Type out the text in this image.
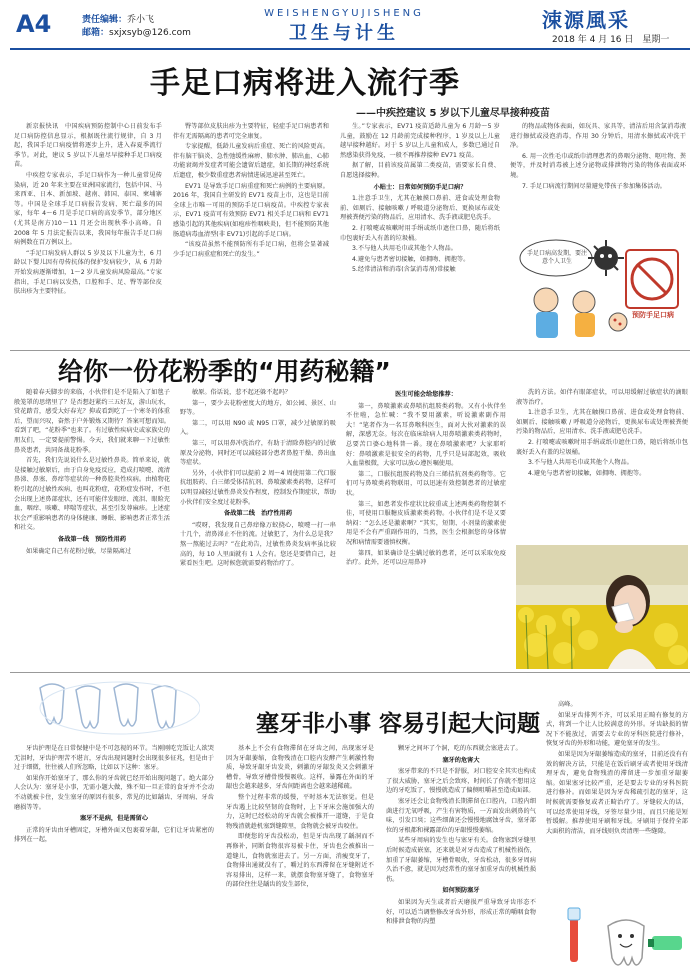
A4	责任编辑：乔小飞
邮箱：sxjxsyb@126.com
WEISHENGYUJISHENG
卫生与计生
涑源風采
2018 年 4 月 16 日　星期一
手足口病将进入流行季
——中疾控建议 5 岁以下儿童尽早接种疫苗

新京报快讯　中国疾病预防控制中心日前发布手足口病防控信息显示，根据既往流行规律，自 3 月起，我国手足口病疫情将逐步上升，进入春夏季流行季节。对此，建议 5 岁以下儿童尽早接种手足口病疫苗。

中疾控专家表示，手足口病作为一种儿童常见传染病，近 20 年来主要在亚洲国家流行，包括中国、马来西亚、日本、新加坡、越南、韩国、泰国、柬埔寨等。中国是全球手足口病报告发病、死亡最多的国家，每年 4～6 月是手足口病的高发季节，部分地区(尤其是南方)10～11 月还会出现秋季小高峰。自 2008 年 5 月法定报告以来，我国每年报告手足口病病例数在百万例以上。

“手足口病发病人群以 5 岁及以下儿童为主，6 月龄以下婴儿因有母传抗体的保护发病较少，从 6 月龄开始发病逐渐增加，1～2 岁儿童发病风险最高。”专家指出，手足口病以发热，口腔和手、足、臀等部位皮肤出疹为主要特征。

臀等部位皮肤出疹为主要特征，轻症手足口病患者和伴有无需隔离的患者可完全康复。

专家提醒，低龄儿童发病后重症、死亡的风险更高。伴有脑干脑炎、急性弛缓性麻痹、肺水肿、肺出血、心肺功能衰竭并发症者可能会遗留后遗症，如长期的神经系统后遗症，极少数重症患者病情进展迅速甚至死亡。

EV71 是导致手足口病重症和死亡病例的主要病原。2016 年，我国自主研发的 EV71 疫苗上市，这也是目前全球上市唯一可用的预防手足口病疫苗。中疾控专家表示，EV71 疫苗可有效预防 EV71 相关手足口病和 EV71 感染引起的其他疾病(如疱疹性咽峡炎)，但不能预防其他肠道病毒血清型(非 EV71)引起的手足口病。

“该疫苗虽然不能预防所有手足口病，但将会显著减少手足口病重症和死亡的发生。”

生。”专家表示，EV71 疫苗适龄儿童为 6 月龄～5 岁儿童，鼓励在 12 月龄前完成接种程序，1 岁及以上儿童越早接种越好。对于 5 岁以上儿童和成人，多数已通过自然感染获得免疫，一般不再推荐接种 EV71 疫苗。

据了解，目前该疫苗属第二类疫苗，需要家长自费、自愿选择接种。

小贴士：日常如何预防手足口病？

1.注意手卫生，尤其在触摸口鼻前、进食或处理食物前、如厕后、接触咳嗽 / 呼吸道分泌物后、更换尿布或处理被粪便污染的物品后，应用清水、洗手液或肥皂洗手。

2. 打喷嚏或咳嗽时用手绢或纸巾遮住口鼻，随后将纸巾包裹好丢入有盖的垃圾桶。

3.不与他人共用毛巾或其他个人物品。

4.避免与患者密切接触，如拥吻、拥抱等。

5.经常清洁和消毒(含氯消毒剂)常接触

的物品或物体表面，如玩具、家具等，清洁后用含氯消毒液进行擦拭或浸泡消毒，作用 30 分钟后，用清水擦拭或冲洗干净。

6. 用一次性毛巾或纸巾清理患者的鼻咽分泌物、呕吐物、粪便等，并及时消毒被上述分泌物或排泄物污染的物体表面或环境。

7. 手足口病流行期间尽量避免带孩子参加集体活动。

手足口病高发期，要注意个人卫生
预防手足口病
给你一份花粉季的“用药秘籍”

随着春天脚步的来临，小伙伴们是不是陷入了如毯子般笼罩的思绪里了？是否想赶紧约三五好友，游山玩水，赏花踏青，感受大好春光？抑或看到吃了一个寒冬的体重后，望而兴叹，奋然于户外锻炼又期待？答案可想而知。看到了吧，“花粉季”也来了。有过敏性疾病史或家族史的朋友们，一定要提前警惕。今天，我们就来聊一下过敏性鼻炎患者，共同备战花粉季。

首先，我们先说说什么是过敏性鼻炎。简单来说，就是接触过敏原后，由于自身免疫反应，造成打喷嚏、流清鼻涕、鼻塞、鼻痒等症状的一种鼻腔炎性疾病。由植物花粉引起的过敏性疾病，也叫花粉症，花粉症发作时，不但会出现上述鼻部症状，还有可能伴发眼痒、流泪、眼睑充血，咽痒、咳嗽、哮喘等症状，甚至引发荨麻疹。上述症状会严重影响患者的身体健康、睡眠、影响患者正常生活和社交。

备战第一线　预防性用药

如果确定自己有花粉过敏，尽量隔离过

敏原。俗话说，惹不起还躲不起吗？

第一，要少去花粉密度大的地方，如公园、景区、山野等。

第二，可以用 N90 或 N95 口罩，减少过敏原的吸入。

第三，可以用鼻冲洗治疗，有助于清除鼻腔内的过敏原及分泌物，同时还可以减轻部分患者鼻腔干燥、鼻出血等症状。

另外，小伙伴们可以提前 2 周～4 周使用第二代口服抗组胺药、白三烯受体拮抗剂、鼻喷激素类药物，这样可以明显减轻过敏性鼻炎发作程度，控制发作期症状，帮助小伙伴们安全度过花粉季。

备战第二线　治疗性用药

“哎呀，我发现自己鼻痒像万蚁挠心，喷嚏一打一串十几个，清鼻涕止不住的流。过敏犯了，为什么总是我？熬一熬能过去吗？”在此劝告，过敏性鼻炎发病率虽比较高的，每 10 人里面就有 1 人会有。您还是要借自己，赶紧看医生吧。这时候您就需要药物治疗了。

医生可能会给您推荐：

第一，鼻喷激素或鼻喷抗组胺类药物。又有小伙伴坐不住啦，急忙喊：“我不要用激素，听说激素副作用大！”笔者作为一名耳鼻喉科医生，面对大伙对激素的误解，深感无奈。每次在临床给病人用鼻喷激素类药物时，总要苦口婆心地科普一番。现在鼻喷激素吧？大家耶听好：鼻喷激素是很安全的药物，几乎只是局部起效，吸收入血量极微，大家可以放心遵医嘱使用。

第二，口服抗组胺药物及白三烯拮抗剂类药物等。它们可与鼻喷类药物联用，可以迅速有效控制患者的过敏症状。

第三，如患者发作症状比较重或上述两类药物控制不佳，可使用口服糖皮质激素类药物。小伙伴们是不是又要纳闷：“怎么还是激素啊？”其实，短期、小剂量的激素使用是不会有严重副作用的，当然，医生会根据您的身体情况和病情需要谨慎权衡。

第四，如果确诊是尘螨过敏的患者，还可以采取免疫治疗。此外，还可以应用鼻冲

洗的方法。如伴有眼部症状，可以用缓解过敏症状的滴眼液等治疗。

1.注意手卫生，尤其在触摸口鼻前、进食或处理食物前、如厕后、接触咳嗽 / 呼吸道分泌物后，更换尿布或处理被粪便污染的物品后，应用清水、洗手液或肥皂洗手。

2. 打喷嚏或咳嗽时用手绢或纸巾遮住口鼻，随后将纸巾包裹好丢入有盖的垃圾桶。

3.不与他人共用毛巾或其他个人物品。

4.避免与患者密切接触，如拥吻、拥抱等。

塞牙非小事 容易引起大问题

牙齿护理是在日常保健中是不可忽视的环节。当刚刚吃完饭让人欲哭无泪时，牙齿护理苦不堪言，牙齿出现问题时会出现很多征兆，但是由于过于细微，往往被人们所忽略，比如以下这种：塞牙。

如果你开始塞牙了，那么你的牙齿就已经开始出现问题了。绝大部分人会认为：塞牙是小事，无需小题大做，殊不知一旦正常的食牙并不会动不动就被卡住，发生塞牙的原因有很多，常见的比如龋齿、牙周病、牙齿磨损等等。

塞牙不是病，但是需留心

正常的牙齿由牙槽固定，牙槽外面又包裹着牙龈，它们让牙齿紧密的排列在一起，

基本上不会有食物滞留在牙齿之间，出现塞牙是因为牙龈萎缩，食物残渣在口腔内发酵产生刺激性物质，导致牙龈牙齿发炎，刺激的牙龈发炎又会刺激牙槽骨，导致牙槽骨慢慢吸收。这样，暴露在外面的牙龈也会越来越多，牙齿间距离也会越来越稀疏。

整个过程非常的缓慢，平时基本无法察觉。但是牙齿遇上比较坚韧的食物时，上下牙床会施加强大的力，这时已经松动的牙齿就会被推开一道缝，于是食物残渣就趁机塞到缝隙里，食物就会被牙齿咬住。

即便您的牙齿没松动，但是牙齿出现了龋洞而不再修补，同断食物很容易被卡住，牙齿也会被推出一道缝儿，食物就塞进去了。另一方面，消瘦变牙了，食物排出通就没有了，嚼过的东西滞留在牙缝附近不容易排出，这样一来，就摆食物塞牙缝了，食物塞牙的部位往往是龋齿的发生部位，

颗牙之间坏了个洞，吃的东西就会塞进去了。

塞牙的危害大

塞牙带来的不只是不舒服，对口腔安全其实也构成了很大威胁，塞牙之后会致疼，时间长了你就不想用这边的牙吃饭了，慢慢就造成了偏侧咀嚼甚至造成面部。

塞牙还会让食物残渣长期滞留在口腔内，口腔内细菌进行无氧呼吸，产生有害物质，一方面发出刺鼻的气味，引发口臭；这些细菌还会慢慢地腐蚀牙齿，塞牙部位的牙根都和裸露部位的牙龈慢慢萎缩。

某些牙周病的发生也与塞牙有关。食物塞到牙缝里后时候造成嵌塞，还来就是对牙齿造成了机械性损伤，加重了牙龈萎缩，牙槽骨吸收，牙齿松动，很多牙周病久治不愈，就是因为经常性的塞牙加重牙齿的机械性损伤。

如何预防塞牙

如果因为天生或者后天磨损严重导致牙齿形态不好，可以适当调整修改牙齿外形，形成正常的嚼咽食物和排泄食物的沟塑

高峰。

如果牙齿排列不齐，可以采用正畸有修复的方式，将到一个让人比较满意的外形。牙齿缺损的情况下不能放过，需要去专业的牙科医院进行修补，恢复牙齿的外形和功能，避免塞牙的发生。

如果是因为牙龈萎缩造成的塞牙，目前还没有有效的解决方法，只能是在饭后刷牙或者使用牙线清理牙齿，避免食物残渣的滞留进一步加重牙龈萎缩。如果塞牙比较严重，还是要去专业的牙科医院进行修补。而如果是因为牙齿稀疏引起的塞牙，这时候就需要修复或者正畸治疗了。牙缝较大的话，可以经常使用牙线，牙签尽量少用，而且只能是短暂缓解。推荐使用牙刷和牙线。牙刷用于保持全部大面积的清洁，而牙线则负责清理一些缝隙。
